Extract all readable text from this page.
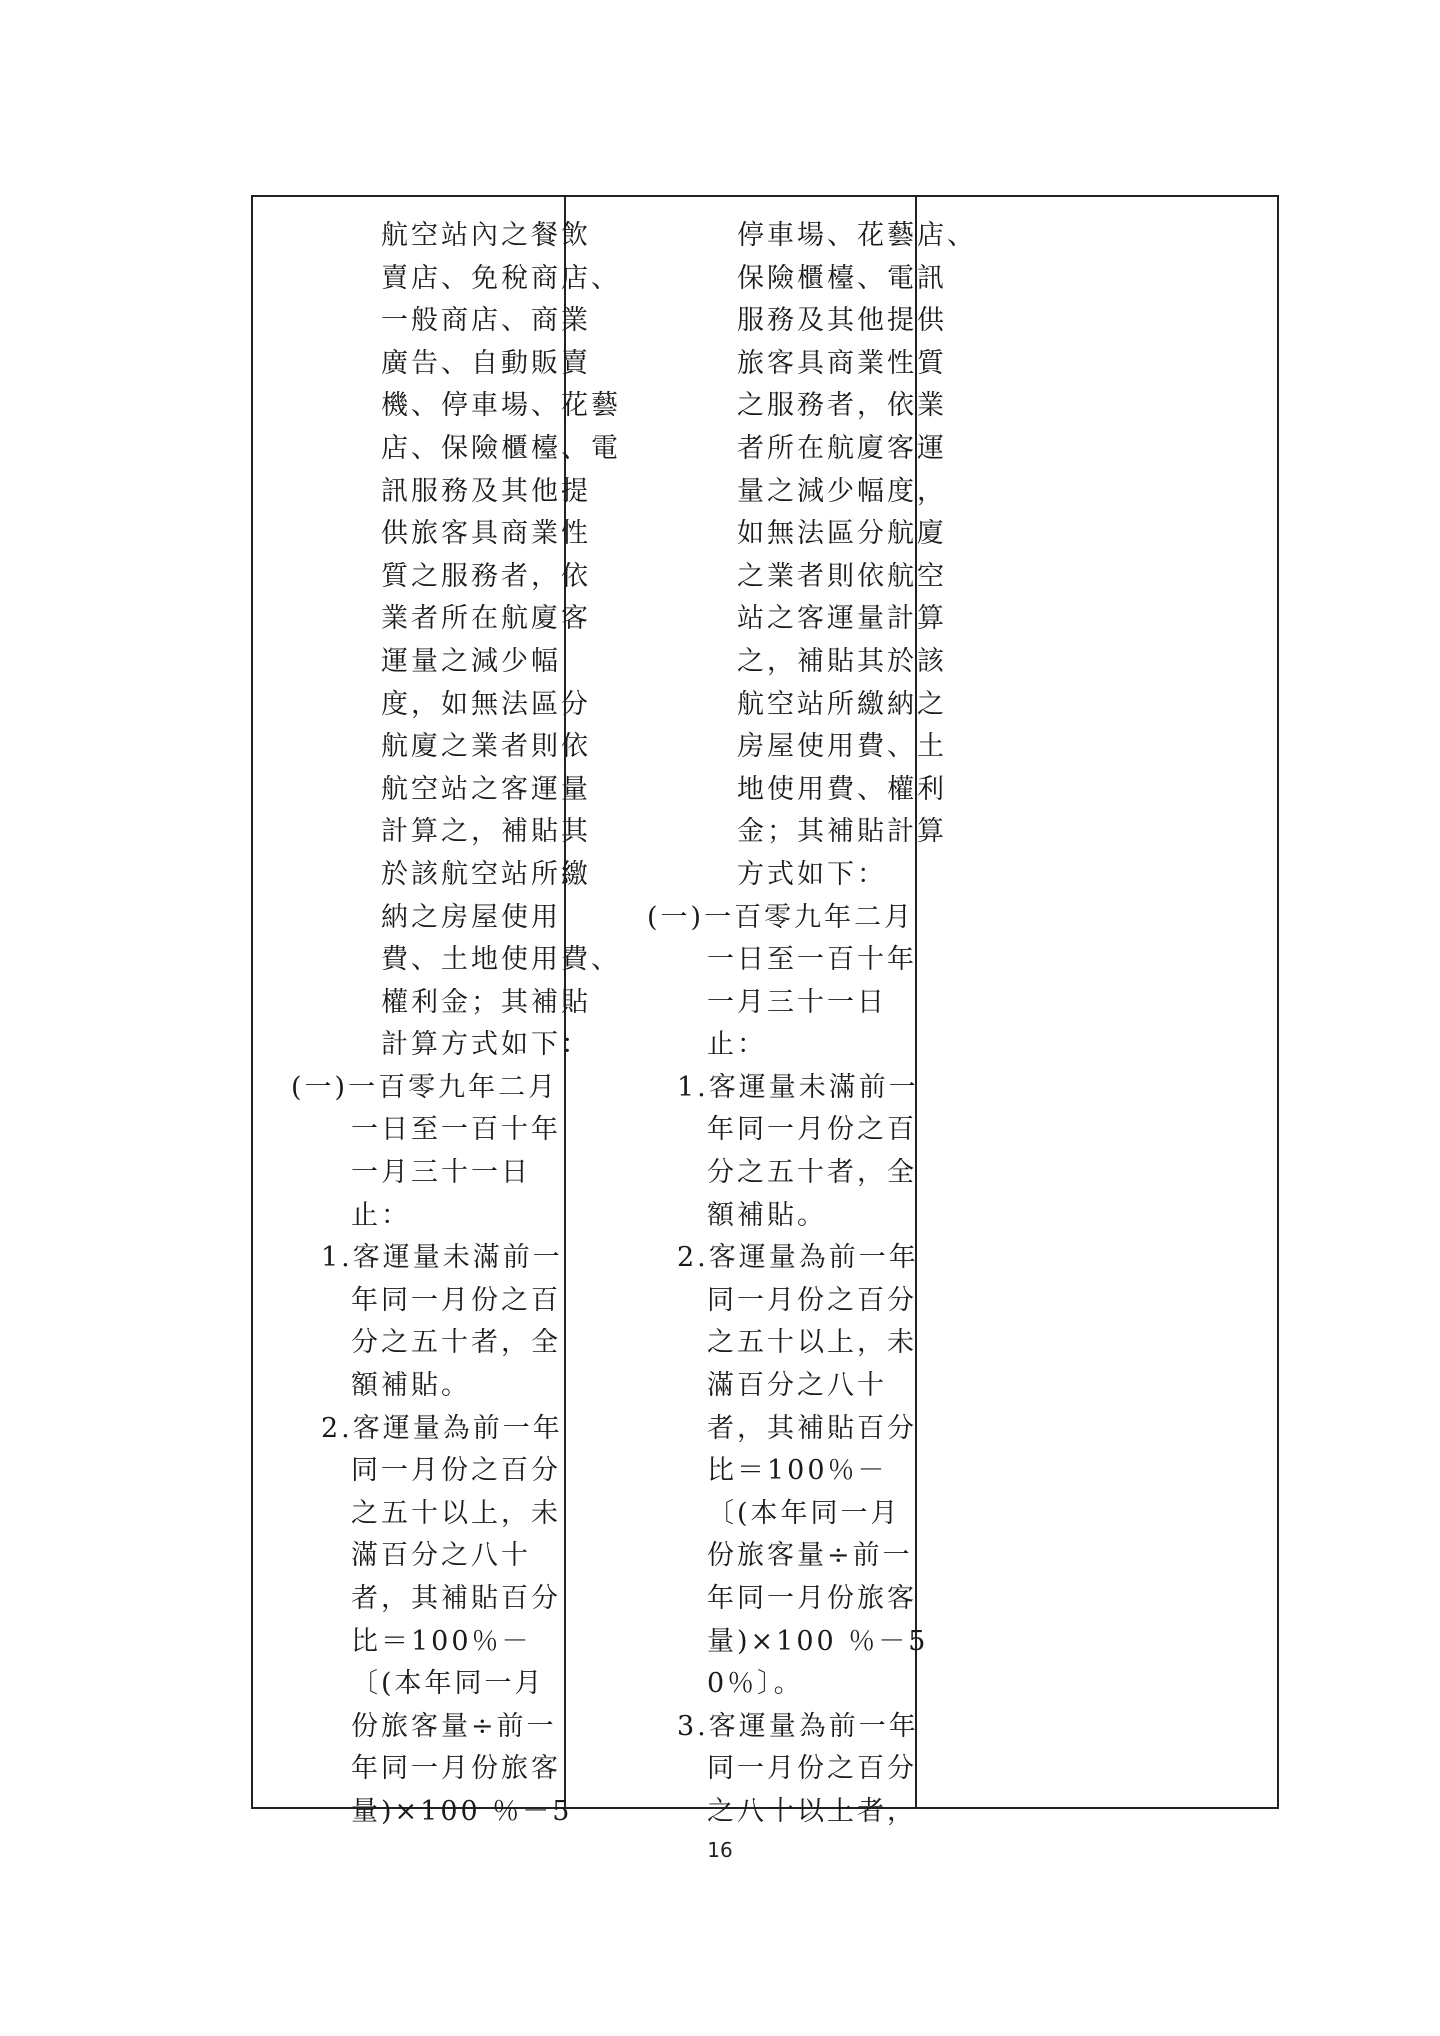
航空站內之餐飲
賣店、免稅商店、
一般商店、商業
廣告、自動販賣
機、停車場、花藝
店、保險櫃檯、電
訊服務及其他提
供旅客具商業性
質之服務者，依
業者所在航廈客
運量之減少幅
度，如無法區分
航廈之業者則依
航空站之客運量
計算之，補貼其
於該航空站所繳
納之房屋使用
費、土地使用費、
權利金；其補貼
計算方式如下：
(一)一百零九年二月
一日至一百十年
一月三十一日
止：
1.客運量未滿前一
年同一月份之百
分之五十者，全
額補貼。
2.客運量為前一年
同一月份之百分
之五十以上，未
滿百分之八十
者，其補貼百分
比＝100％－
〔(本年同一月
份旅客量÷前一
年同一月份旅客
量)×100 ％－5
停車場、花藝店、
保險櫃檯、電訊
服務及其他提供
旅客具商業性質
之服務者，依業
者所在航廈客運
量之減少幅度，
如無法區分航廈
之業者則依航空
站之客運量計算
之，補貼其於該
航空站所繳納之
房屋使用費、土
地使用費、權利
金；其補貼計算
方式如下：
(一)一百零九年二月
一日至一百十年
一月三十一日
止：
1.客運量未滿前一
年同一月份之百
分之五十者，全
額補貼。
2.客運量為前一年
同一月份之百分
之五十以上，未
滿百分之八十
者，其補貼百分
比＝100％－
〔(本年同一月
份旅客量÷前一
年同一月份旅客
量)×100 ％－5
0％〕。
3.客運量為前一年
同一月份之百分
之八十以上者，
16
